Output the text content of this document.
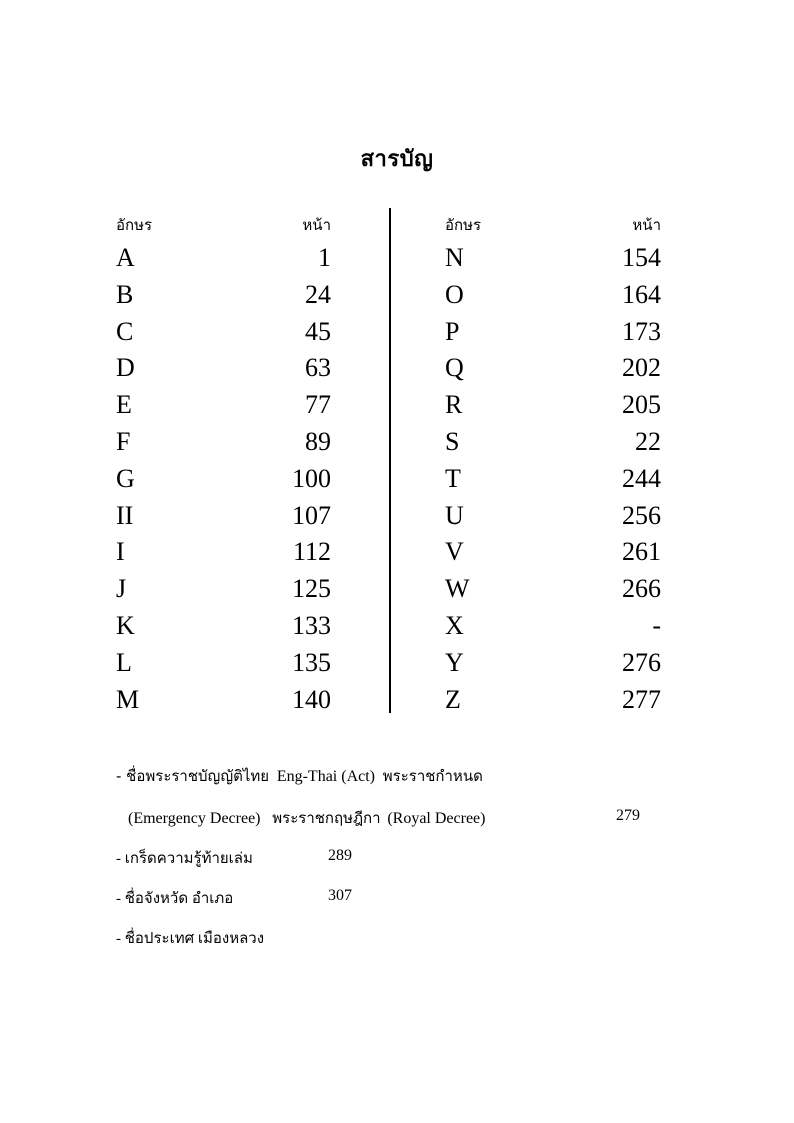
สารบัญ
อักษร	หน้า
A	1
B	24
C	45
D	63
E	77
F	89
G	100
II	107
I	112
J	125
K	133
L	135
M	140
อักษร	หน้า
N	154
O	164
P	173
Q	202
R	205
S	22
T	244
U	256
V	261
W	266
X	-
Y	276
Z	277
- ชื่อพระราชบัญญัติไทย Eng-Thai (Act) พระราชกำหนด
(Emergency Decree) พระราชกฤษฎีกา (Royal Decree)	279
- เกร็ดความรู้ท้ายเล่ม	289
- ชื่อจังหวัด อำเภอ	307
- ชื่อประเทศ เมืองหลวง
